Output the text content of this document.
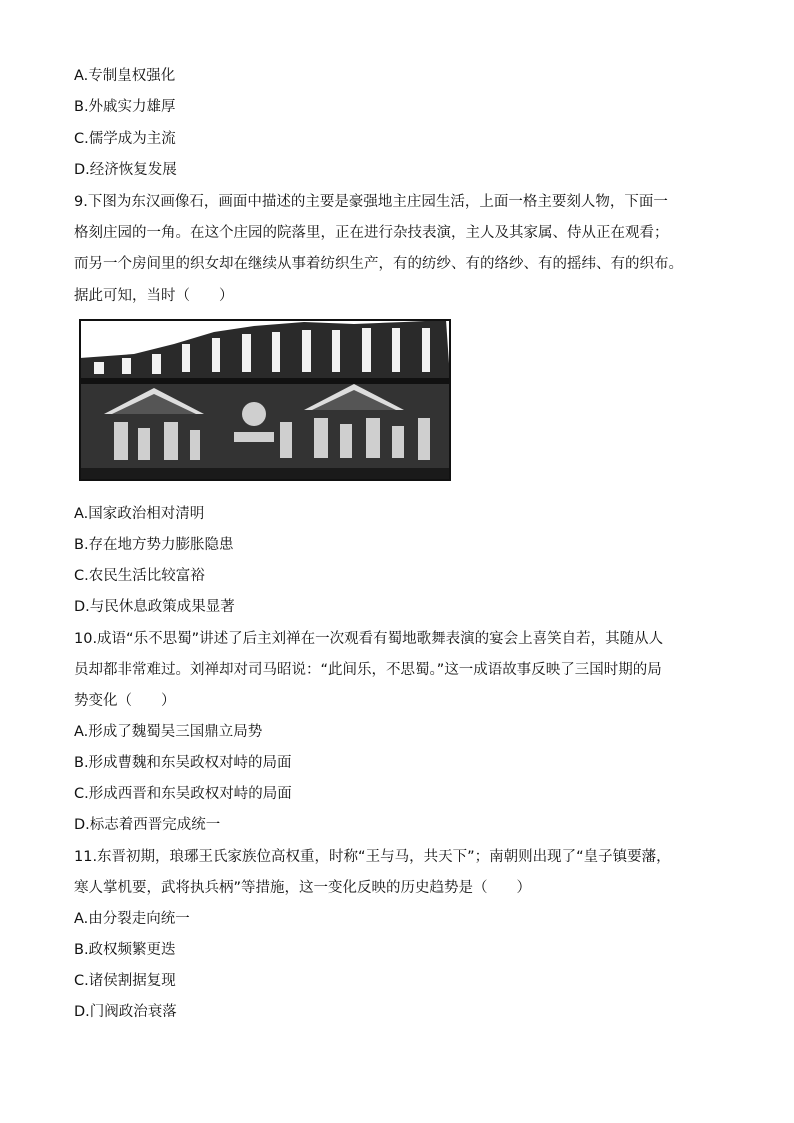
A.专制皇权强化
B.外戚实力雄厚
C.儒学成为主流
D.经济恢复发展
9.下图为东汉画像石，画面中描述的主要是豪强地主庄园生活，上面一格主要刻人物，下面一
格刻庄园的一角。在这个庄园的院落里，正在进行杂技表演，主人及其家属、侍从正在观看；
而另一个房间里的织女却在继续从事着纺织生产，有的纺纱、有的络纱、有的摇纬、有的织布。
据此可知，当时（　　）
A.国家政治相对清明
B.存在地方势力膨胀隐患
C.农民生活比较富裕
D.与民休息政策成果显著
10.成语“乐不思蜀”讲述了后主刘禅在一次观看有蜀地歌舞表演的宴会上喜笑自若，其随从人
员却都非常难过。刘禅却对司马昭说：“此间乐，不思蜀。”这一成语故事反映了三国时期的局
势变化（　　）
A.形成了魏蜀吴三国鼎立局势
B.形成曹魏和东吴政权对峙的局面
C.形成西晋和东吴政权对峙的局面
D.标志着西晋完成统一
11.东晋初期，琅琊王氏家族位高权重，时称“王与马，共天下”；南朝则出现了“皇子镇要藩，
寒人掌机要，武将执兵柄”等措施，这一变化反映的历史趋势是（　　）
A.由分裂走向统一
B.政权频繁更迭
C.诸侯割据复现
D.门阀政治衰落
